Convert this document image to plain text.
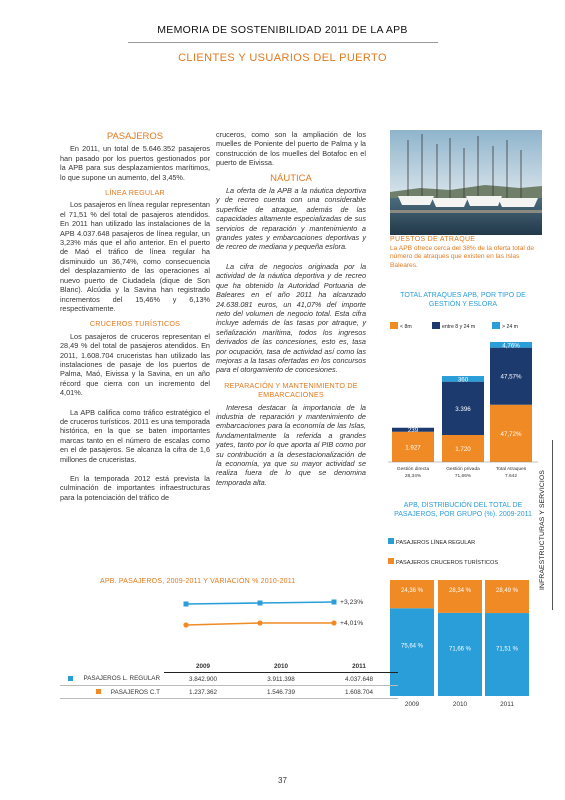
MEMORIA DE SOSTENIBILIDAD 2011 DE LA APB
CLIENTES Y USUARIOS DEL PUERTO
PASAJEROS

En 2011, un total de 5.646.352 pasajeros han pasado por los puertos gestionados por la APB para sus desplazamientos marítimos, lo que supone un aumento, del 3,45%.

LÍNEA REGULAR

Los pasajeros en línea regular representan el 71,51 % del total de pasajeros atendidos. En 2011 han utilizado las instalaciones de la APB 4.037.648 pasajeros de línea regular, un 3,23% más que el año anterior. En el puerto de Maó el tráfico de línea regular ha disminuido un 36,74%, como consecuencia del desplazamiento de las operaciones al nuevo puerto de Ciudadela (dique de Son Blanc). Alcúdia y la Savina han registrado incrementos del 15,46% y 6,13% respectivamente.

CRUCEROS TURÍSTICOS

Los pasajeros de cruceros representan el 28,49 % del total de pasajeros atendidos. En 2011, 1.608.704 cruceristas han utilizado las instalaciones de pasaje de los puertos de Palma, Maó, Eivissa y la Savina, en un año récord que cierra con un incremento del 4,01%.

La APB califica como tráfico estratégico el de cruceros turísticos. 2011 es una temporada histórica, en la que se baten importantes marcas tanto en el número de escalas como en el de pasajeros. Se alcanza la cifra de 1,6 millones de cruceristas.

En la temporada 2012 está prevista la culminación de importantes infraestructuras para la potenciación del tráfico de

cruceros, como son la ampliación de los muelles de Poniente del puerto de Palma y la construcción de los muelles del Botafoc en el puerto de Eivissa.

NÁUTICA

La oferta de la APB a la náutica deportiva y de recreo cuenta con una considerable superficie de atraque, además de las capacidades altamente especializadas de sus servicios de reparación y mantenimiento a grandes yates y embarcaciones deportivas y de recreo de mediana y pequeña eslora.

La cifra de negocios originada por la actividad de la náutica deportiva y de recreo que ha obtenido la Autoridad Portuaria de Baleares en el año 2011 ha alcanzado 24.638.081 euros, un 41,07% del importe neto del volumen de negocio total. Esta cifra incluye además de las tasas por atraque, y señalización marítima, todos los ingresos derivados de las concesiones, esto es, tasa por ocupación, tasa de actividad así como las mejoras a la tasas ofertadas en los concursos para el otorgamiento de concesiones.

REPARACIÓN Y MANTENIMIENTO DE EMBARCACIONES

Interesa destacar la importancia de la industria de reparación y mantenimiento de embarcaciones para la economía de las Islas, fundamentalmente la referida a grandes yates, tanto por lo que aporta al PIB como por su contribución a la desestacionalización de la economía, ya que su mayor actividad se realiza fuera de lo que se denomina temporada alta.

PUESTOS DE ATRAQUE
La APB ofrece cerca del 38% de la oferta total de número de atraques que existen en las Islas Baleares.
TOTAL ATRAQUES APB, POR TIPO DE GESTIÓN Y ESLORA
< 8m	entre 8 y 24 m	> 24 m
1.927
239
1.720
3.396
360
47,72%
47,57%
4,76%
Gestión directa
28,34%
Gestión privada
71,66%
Total Atraques
7.642
APB, DISTRIBUCIÓN DEL TOTAL DE PASAJEROS, POR GRUPO (%). 2009-2011
PASAJEROS LÍNEA REGULAR
PASAJEROS CRUCEROS TURÍSTICOS
75,64 %
24,36 %
71,66 %
28,34 %
71,51 %
28,49 %
2009	2010	2011
APB. PASAJEROS, 2009-2011 Y VARIACIÓN % 2010-2011
+3,23%
+4,01%
	2009	2010	2011
PASAJEROS L. REGULAR	3.842.900	3.911.398	4.037.648
PASAJEROS C.T	1.237.362	1.546.739	1.608.704
INFRAESTRUCTURAS Y SERVICIOS
37
